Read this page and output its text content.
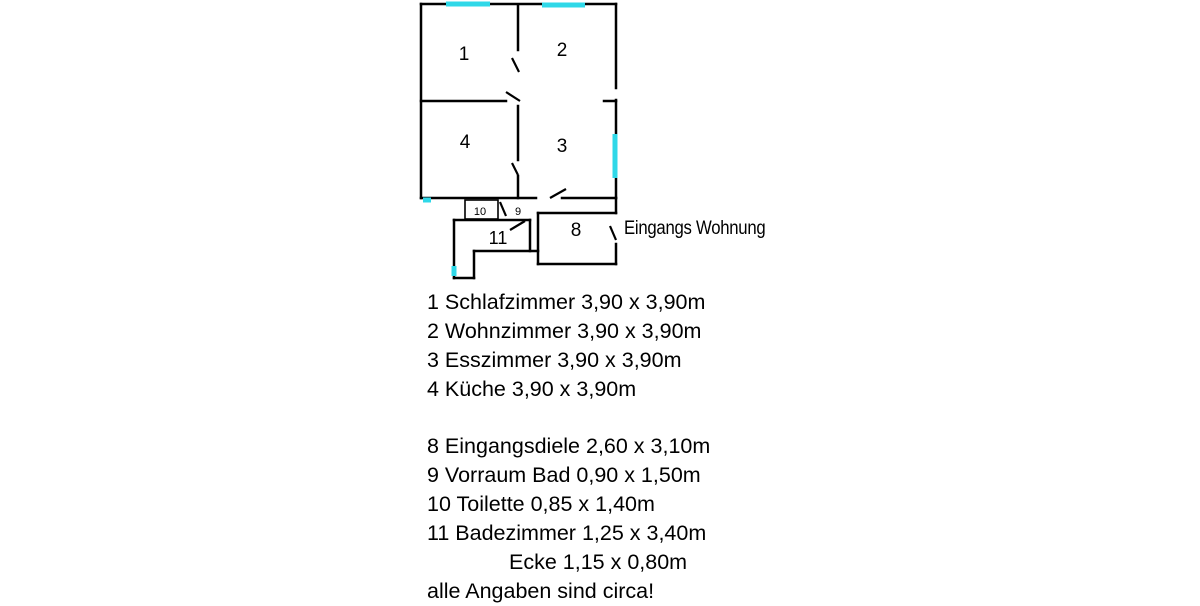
1	2
3
4
8
9
10
11	Eingangs Wohnung
1 Schlafzimmer 3,90 x 3,90m
2 Wohnzimmer 3,90 x 3,90m
3 Esszimmer 3,90 x 3,90m
4 Küche 3,90 x 3,90m
8 Eingangsdiele 2,60 x 3,10m
9 Vorraum Bad 0,90 x 1,50m
10 Toilette 0,85 x 1,40m
11 Badezimmer 1,25 x 3,40m
Ecke 1,15 x 0,80m
alle Angaben sind circa!
